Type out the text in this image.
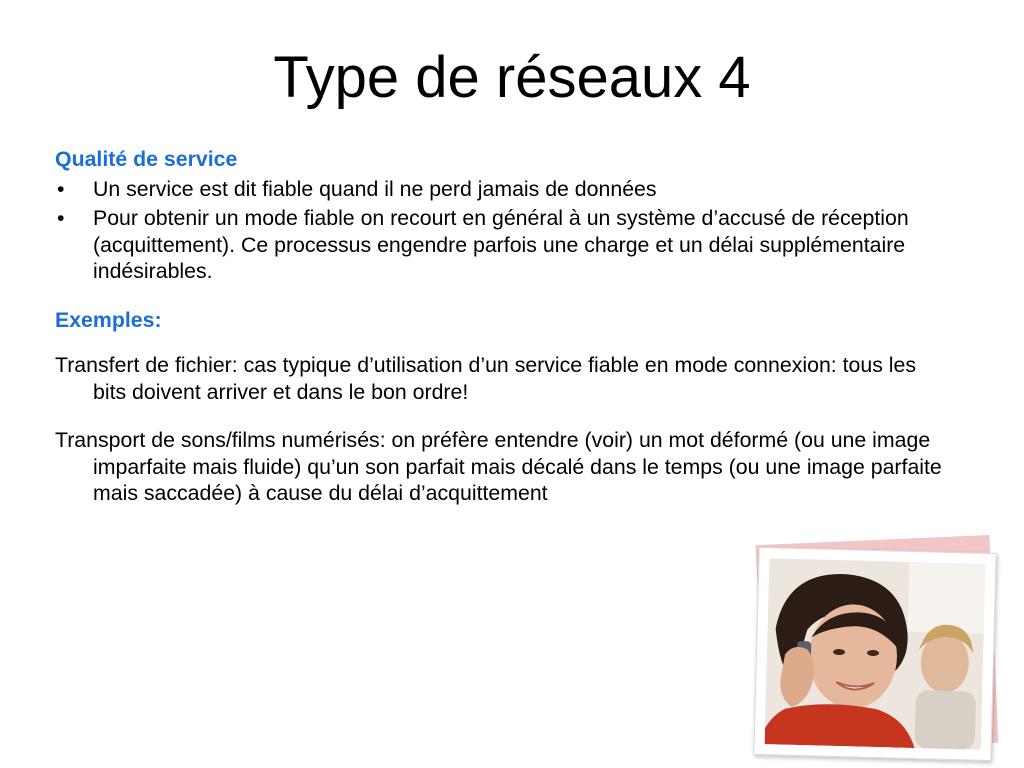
Type de réseaux 4

Qualité de service

• Un service est dit fiable quand il ne perd jamais de données
• Pour obtenir un mode fiable on recourt en général à un système d’accusé de réception (acquittement). Ce processus engendre parfois une charge et un délai supplémentaire indésirables.

Exemples:

Transfert de fichier: cas typique d’utilisation d’un service fiable en mode connexion: tous les bits doivent arriver et dans le bon ordre!

Transport de sons/films numérisés: on préfère entendre (voir) un mot déformé (ou une image imparfaite mais fluide) qu’un son parfait mais décalé dans le temps (ou une image parfaite mais saccadée) à cause du délai d’acquittement
